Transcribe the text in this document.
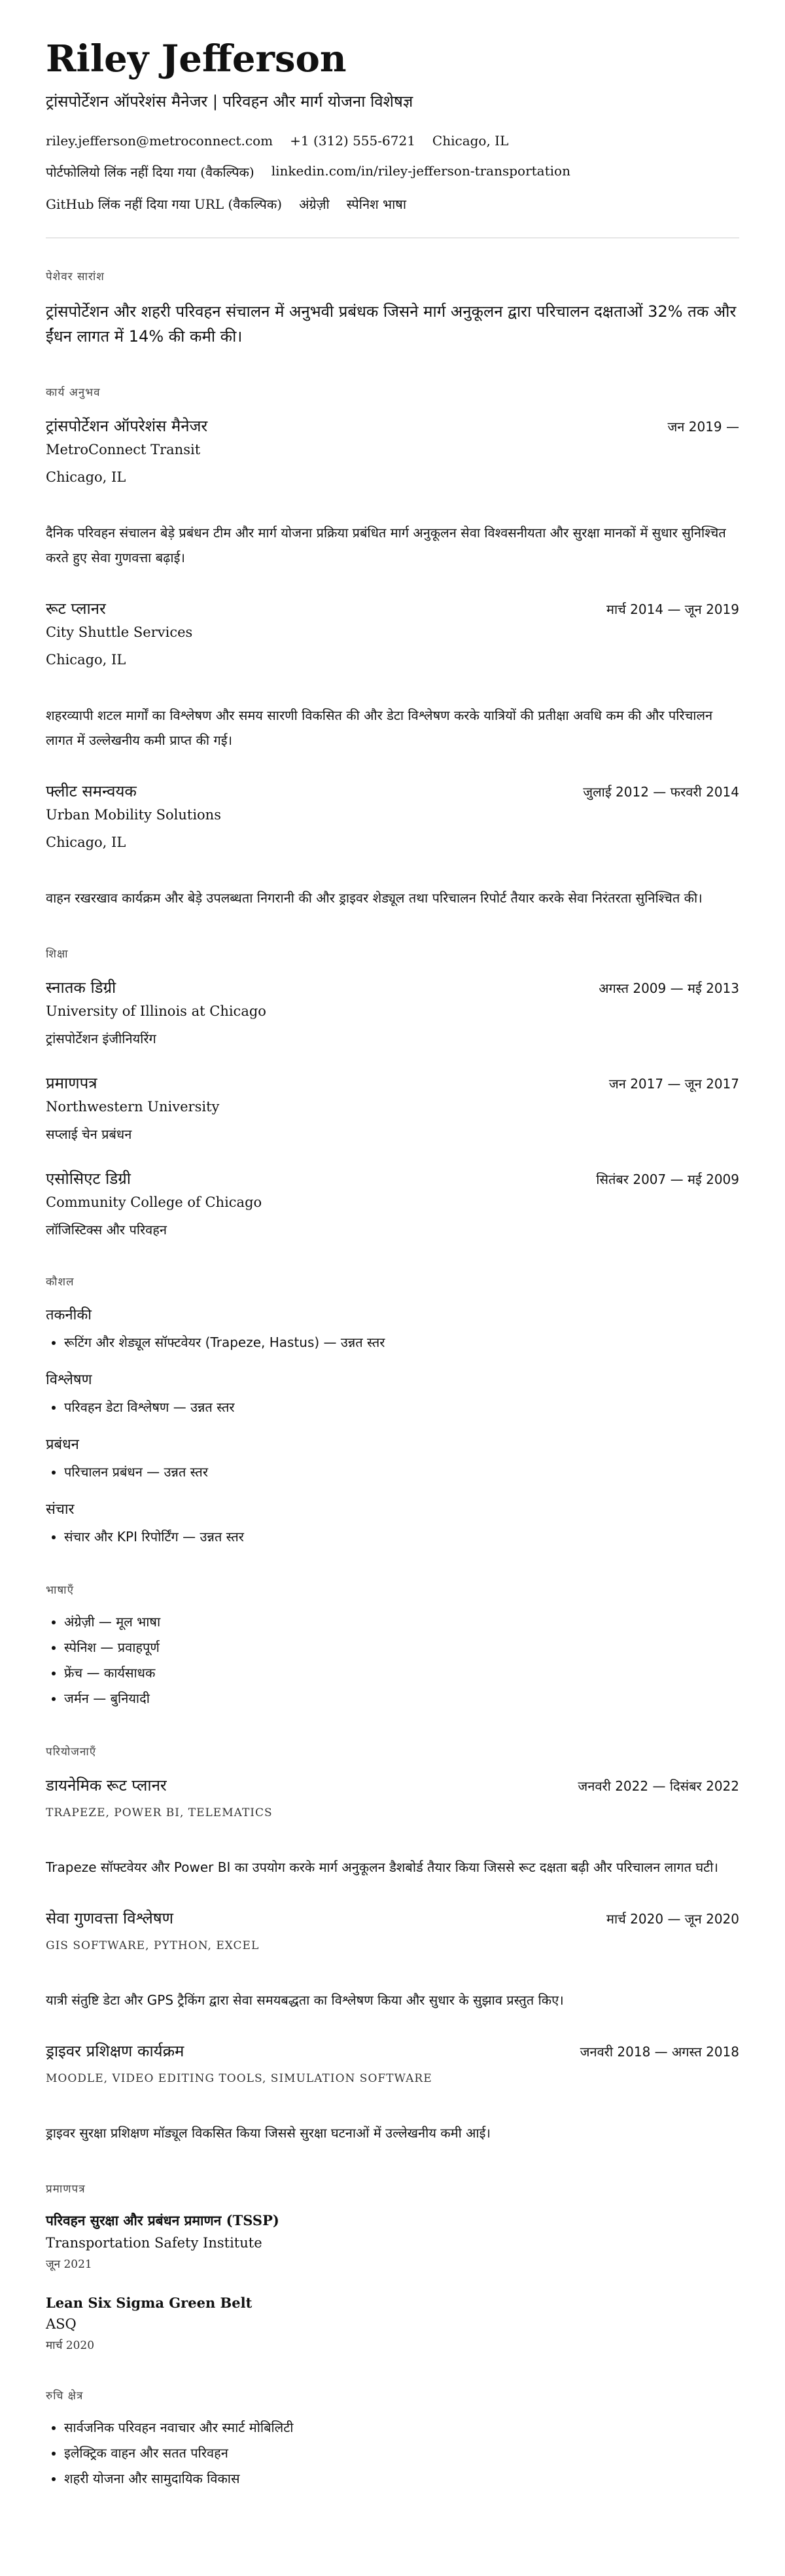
Riley Jefferson
ट्रांसपोर्टेशन ऑपरेशंस मैनेजर | परिवहन और मार्ग योजना विशेषज्ञ
riley.jefferson@metroconnect.com +1 (312) 555-6721 Chicago, IL
पोर्टफोलियो लिंक नहीं दिया गया (वैकल्पिक) linkedin.com/in/riley-jefferson-transportation
GitHub लिंक नहीं दिया गया URL (वैकल्पिक) अंग्रेज़ी स्पेनिश भाषा
पेशेवर सारांश

ट्रांसपोर्टेशन और शहरी परिवहन संचालन में अनुभवी प्रबंधक जिसने मार्ग अनुकूलन द्वारा परिचालन दक्षताओं 32% तक और ईंधन लागत में 14% की कमी की।

कार्य अनुभव
ट्रांसपोर्टेशन ऑपरेशंस मैनेजर	जन 2019 —
MetroConnect Transit
Chicago, IL
दैनिक परिवहन संचालन बेड़े प्रबंधन टीम और मार्ग योजना प्रक्रिया प्रबंधित मार्ग अनुकूलन सेवा विश्वसनीयता और सुरक्षा मानकों में सुधार सुनिश्चित करते हुए सेवा गुणवत्ता बढ़ाई।
रूट प्लानर	मार्च 2014 — जून 2019
City Shuttle Services
Chicago, IL
शहरव्यापी शटल मार्गों का विश्लेषण और समय सारणी विकसित की और डेटा विश्लेषण करके यात्रियों की प्रतीक्षा अवधि कम की और परिचालन लागत में उल्लेखनीय कमी प्राप्त की गई।
फ्लीट समन्वयक	जुलाई 2012 — फरवरी 2014
Urban Mobility Solutions
Chicago, IL
वाहन रखरखाव कार्यक्रम और बेड़े उपलब्धता निगरानी की और ड्राइवर शेड्यूल तथा परिचालन रिपोर्ट तैयार करके सेवा निरंतरता सुनिश्चित की।
शिक्षा
स्नातक डिग्री	अगस्त 2009 — मई 2013
University of Illinois at Chicago
ट्रांसपोर्टेशन इंजीनियरिंग
प्रमाणपत्र	जन 2017 — जून 2017
Northwestern University
सप्लाई चेन प्रबंधन
एसोसिएट डिग्री	सितंबर 2007 — मई 2009
Community College of Chicago
लॉजिस्टिक्स और परिवहन
कौशल
तकनीकी
• रूटिंग और शेड्यूल सॉफ्टवेयर (Trapeze, Hastus) — उन्नत स्तर
विश्लेषण
• परिवहन डेटा विश्लेषण — उन्नत स्तर
प्रबंधन
• परिचालन प्रबंधन — उन्नत स्तर
संचार
• संचार और KPI रिपोर्टिंग — उन्नत स्तर
भाषाएँ
• अंग्रेज़ी — मूल भाषा
• स्पेनिश — प्रवाहपूर्ण
• फ्रेंच — कार्यसाधक
• जर्मन — बुनियादी
परियोजनाएँ
डायनेमिक रूट प्लानर	जनवरी 2022 — दिसंबर 2022
TRAPEZE, POWER BI, TELEMATICS
Trapeze सॉफ्टवेयर और Power BI का उपयोग करके मार्ग अनुकूलन डैशबोर्ड तैयार किया जिससे रूट दक्षता बढ़ी और परिचालन लागत घटी।
सेवा गुणवत्ता विश्लेषण	मार्च 2020 — जून 2020
GIS SOFTWARE, PYTHON, EXCEL
यात्री संतुष्टि डेटा और GPS ट्रैकिंग द्वारा सेवा समयबद्धता का विश्लेषण किया और सुधार के सुझाव प्रस्तुत किए।
ड्राइवर प्रशिक्षण कार्यक्रम	जनवरी 2018 — अगस्त 2018
MOODLE, VIDEO EDITING TOOLS, SIMULATION SOFTWARE
ड्राइवर सुरक्षा प्रशिक्षण मॉड्यूल विकसित किया जिससे सुरक्षा घटनाओं में उल्लेखनीय कमी आई।
प्रमाणपत्र
परिवहन सुरक्षा और प्रबंधन प्रमाणन (TSSP)
Transportation Safety Institute
जून 2021
Lean Six Sigma Green Belt
ASQ
मार्च 2020
रुचि क्षेत्र
• सार्वजनिक परिवहन नवाचार और स्मार्ट मोबिलिटी
• इलेक्ट्रिक वाहन और सतत परिवहन
• शहरी योजना और सामुदायिक विकास
